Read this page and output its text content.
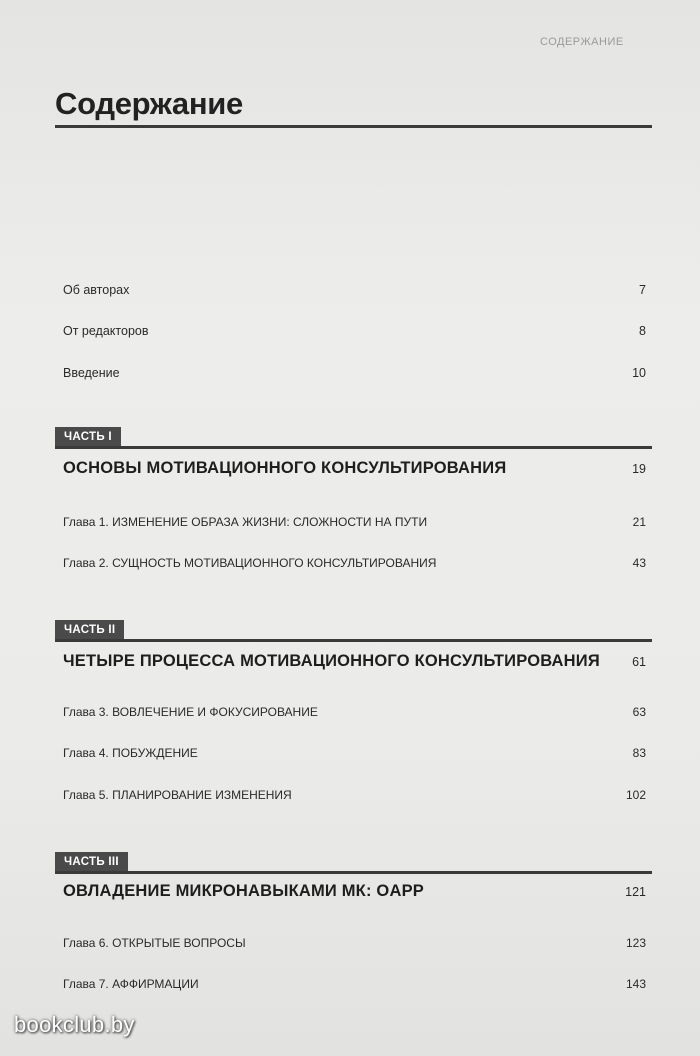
СОДЕРЖАНИЕ
Содержание
Об авторах	7
От редакторов	8
Введение	10
ЧАСТЬ I
ОСНОВЫ МОТИВАЦИОННОГО КОНСУЛЬТИРОВАНИЯ	19
Глава 1. ИЗМЕНЕНИЕ ОБРАЗА ЖИЗНИ: СЛОЖНОСТИ НА ПУТИ	21
Глава 2. СУЩНОСТЬ МОТИВАЦИОННОГО КОНСУЛЬТИРОВАНИЯ	43
ЧАСТЬ II
ЧЕТЫРЕ ПРОЦЕССА МОТИВАЦИОННОГО КОНСУЛЬТИРОВАНИЯ	61
Глава 3. ВОВЛЕЧЕНИЕ И ФОКУСИРОВАНИЕ	63
Глава 4. ПОБУЖДЕНИЕ	83
Глава 5. ПЛАНИРОВАНИЕ ИЗМЕНЕНИЯ	102
ЧАСТЬ III
ОВЛАДЕНИЕ МИКРОНАВЫКАМИ МК: OAPP	121
Глава 6. ОТКРЫТЫЕ ВОПРОСЫ	123
Глава 7. АФФИРМАЦИИ	143
bookclub.by
